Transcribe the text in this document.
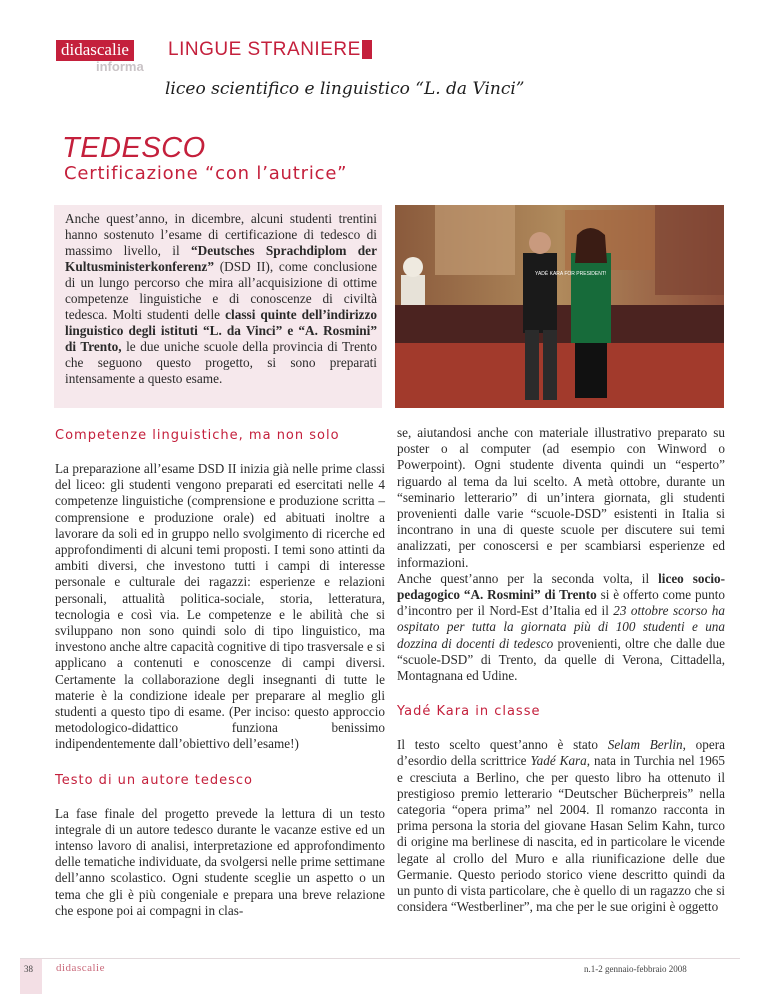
didascalie
informa
LINGUE STRANIERE
liceo scientifico e linguistico “L. da Vinci”
TEDESCO
Certificazione “con l’autrice”
Anche quest’anno, in dicembre, alcuni studenti trentini hanno sostenuto l’esame di certificazione di tedesco di massimo livello, il “Deutsches Sprachdiplom der Kultusministerkonferenz” (DSD II), come conclusione di un lungo percorso che mira all’acquisizione di ottime competenze linguistiche e di conoscenze di civiltà tedesca. Molti studenti delle classi quinte dell’indirizzo linguistico degli istituti “L. da Vinci” e “A. Rosmini” di Trento, le due uniche scuole della provincia di Trento che seguono questo progetto, si sono preparati intensamente a questo esame.
YADÉ KARA FOR PRESIDENT!
Competenze linguistiche, ma non solo

La preparazione all’esame DSD II inizia già nelle prime classi del liceo: gli studenti vengono preparati ed esercitati nelle 4 competenze linguistiche (comprensione e produzione scritta – comprensione e produzione orale) ed abituati inoltre a lavorare da soli ed in gruppo nello svolgimento di ricerche ed approfondimenti di alcuni temi proposti. I temi sono attinti da ambiti diversi, che investono tutti i campi di interesse personale e culturale dei ragazzi: esperienze e relazioni personali, attualità politica-sociale, storia, letteratura, tecnologia e così via. Le competenze e le abilità che si sviluppano non sono quindi solo di tipo linguistico, ma investono anche altre capacità cognitive di tipo trasversale e si applicano a contenuti e conoscenze di campi diversi. Certamente la collaborazione degli insegnanti di tutte le materie è la condizione ideale per preparare al meglio gli studenti a questo tipo di esame. (Per inciso: questo approccio metodologico-didattico funziona benissimo indipendentemente dall’obiettivo dell’esame!)

Testo di un autore tedesco

La fase finale del progetto prevede la lettura di un testo integrale di un autore tedesco durante le vacanze estive ed un intenso lavoro di analisi, interpretazione ed approfondimento delle tematiche individuate, da svolgersi nelle prime settimane dell’anno scolastico. Ogni studente sceglie un aspetto o un tema che gli è più congeniale e prepara una breve relazione che espone poi ai compagni in clas-

se, aiutandosi anche con materiale illustrativo preparato su poster o al computer (ad esempio con Winword o Powerpoint). Ogni studente diventa quindi un “esperto” riguardo al tema da lui scelto. A metà ottobre, durante un “seminario letterario” di un’intera giornata, gli studenti provenienti dalle varie “scuole-DSD” esistenti in Italia si incontrano in una di queste scuole per discutere sui temi analizzati, per conoscersi e per scambiarsi esperienze ed informazioni.

Anche quest’anno per la seconda volta, il liceo socio-pedagogico “A. Rosmini” di Trento si è offerto come punto d’incontro per il Nord-Est d’Italia ed il 23 ottobre scorso ha ospitato per tutta la giornata più di 100 studenti e una dozzina di docenti di tedesco provenienti, oltre che dalle due “scuole-DSD” di Trento, da quelle di Verona, Cittadella, Montagnana ed Udine.

Yadé Kara in classe

Il testo scelto quest’anno è stato Selam Berlin, opera d’esordio della scrittrice Yadé Kara, nata in Turchia nel 1965 e cresciuta a Berlino, che per questo libro ha ottenuto il prestigioso premio letterario “Deutscher Bücherpreis” nella categoria “opera prima” nel 2004. Il romanzo racconta in prima persona la storia del giovane Hasan Selim Kahn, turco di origine ma berlinese di nascita, ed in particolare le vicende legate al crollo del Muro e alla riunificazione delle due Germanie. Questo periodo storico viene descritto quindi da un punto di vista particolare, che è quello di un ragazzo che si considera “Westberliner”, ma che per le sue origini è oggetto

38 didascalie	n.1-2 gennaio-febbraio 2008
